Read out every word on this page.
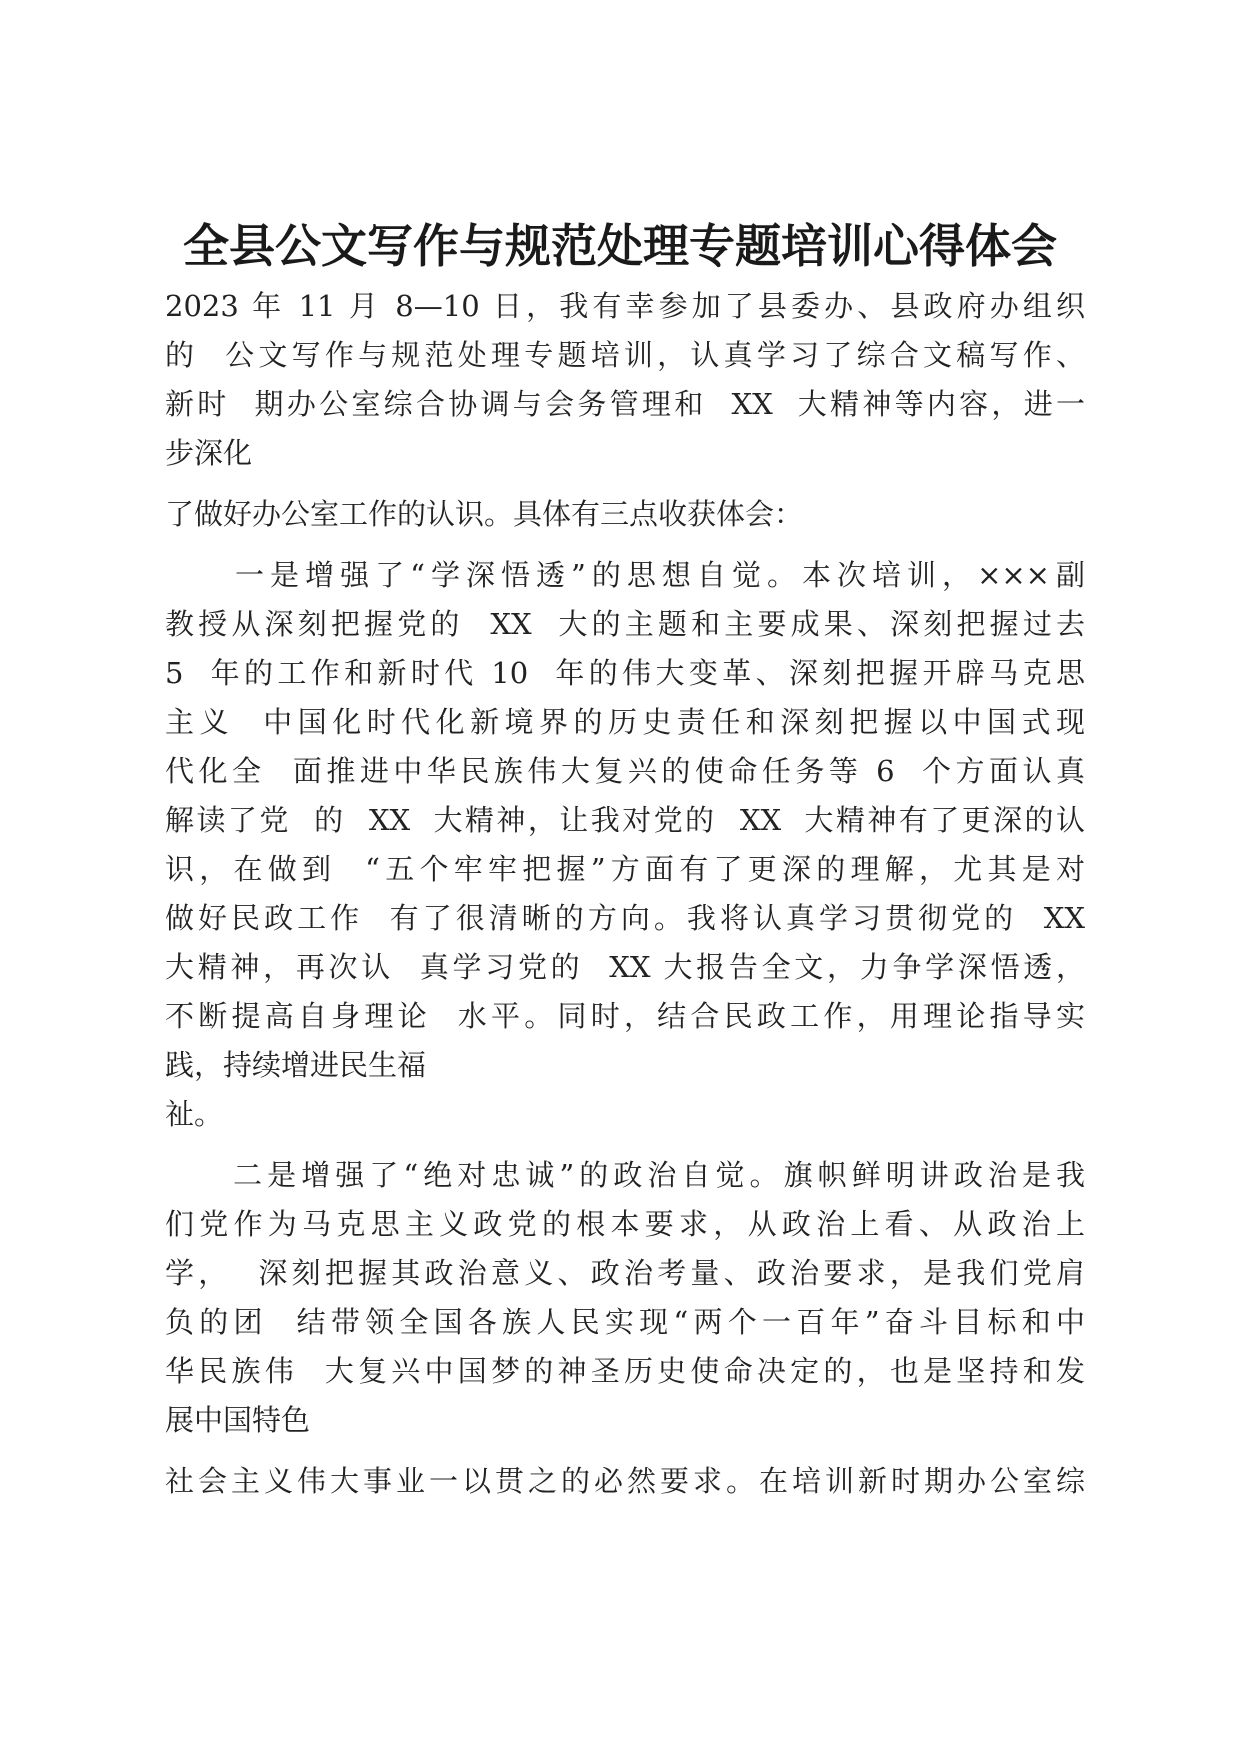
全县公文写作与规范处理专题培训心得体会
2023 年 11 月 8—10 日，我有幸参加了县委办、县政府办组织
的  公文写作与规范处理专题培训，认真学习了综合文稿写作、
新时  期办公室综合协调与会务管理和  XX  大精神等内容，进一
步深化
了做好办公室工作的认识。具体有三点收获体会：
　　一是增强了“学深悟透”的思想自觉。本次培训，×××副
教授从深刻把握党的  XX  大的主题和主要成果、深刻把握过去
5  年的工作和新时代 10  年的伟大变革、深刻把握开辟马克思
主义  中国化时代化新境界的历史责任和深刻把握以中国式现
代化全  面推进中华民族伟大复兴的使命任务等 6  个方面认真
解读了党  的  XX  大精神，让我对党的  XX  大精神有了更深的认
识，在做到  “五个牢牢把握”方面有了更深的理解，尤其是对
做好民政工作  有了很清晰的方向。我将认真学习贯彻党的  XX
大精神，再次认  真学习党的  XX 大报告全文，力争学深悟透，
不断提高自身理论  水平。同时，结合民政工作，用理论指导实
践，持续增进民生福
祉。
　　二是增强了“绝对忠诚”的政治自觉。旗帜鲜明讲政治是我
们党作为马克思主义政党的根本要求，从政治上看、从政治上
学，  深刻把握其政治意义、政治考量、政治要求，是我们党肩
负的团  结带领全国各族人民实现“两个一百年”奋斗目标和中
华民族伟  大复兴中国梦的神圣历史使命决定的，也是坚持和发
展中国特色
社会主义伟大事业一以贯之的必然要求。在培训新时期办公室综
